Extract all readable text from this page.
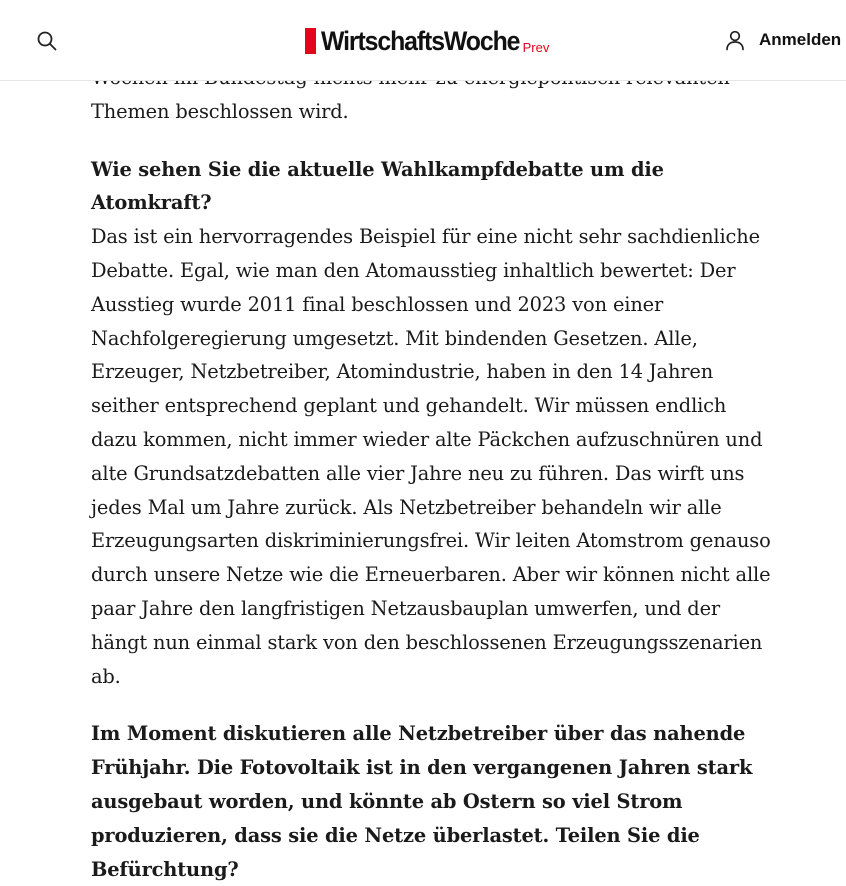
WirtschaftsWoche Prev	Anmelden

Themen beschlossen wird.

Wie sehen Sie die aktuelle Wahlkampfdebatte um die Atomkraft?
Das ist ein hervorragendes Beispiel für eine nicht sehr sachdienliche Debatte. Egal, wie man den Atomausstieg inhaltlich bewertet: Der Ausstieg wurde 2011 final beschlossen und 2023 von einer Nachfolgeregierung umgesetzt. Mit bindenden Gesetzen. Alle, Erzeuger, Netzbetreiber, Atomindustrie, haben in den 14 Jahren seither entsprechend geplant und gehandelt. Wir müssen endlich dazu kommen, nicht immer wieder alte Päckchen aufzuschnüren und alte Grundsatzdebatten alle vier Jahre neu zu führen. Das wirft uns jedes Mal um Jahre zurück. Als Netzbetreiber behandeln wir alle Erzeugungsarten diskriminierungsfrei. Wir leiten Atomstrom genauso durch unsere Netze wie die Erneuerbaren. Aber wir können nicht alle paar Jahre den langfristigen Netzausbauplan umwerfen, und der hängt nun einmal stark von den beschlossenen Erzeugungsszenarien ab.

Im Moment diskutieren alle Netzbetreiber über das nahende Frühjahr. Die Fotovoltaik ist in den vergangenen Jahren stark ausgebaut worden, und könnte ab Ostern so viel Strom produzieren, dass sie die Netze überlastet. Teilen Sie die Befürchtung?
